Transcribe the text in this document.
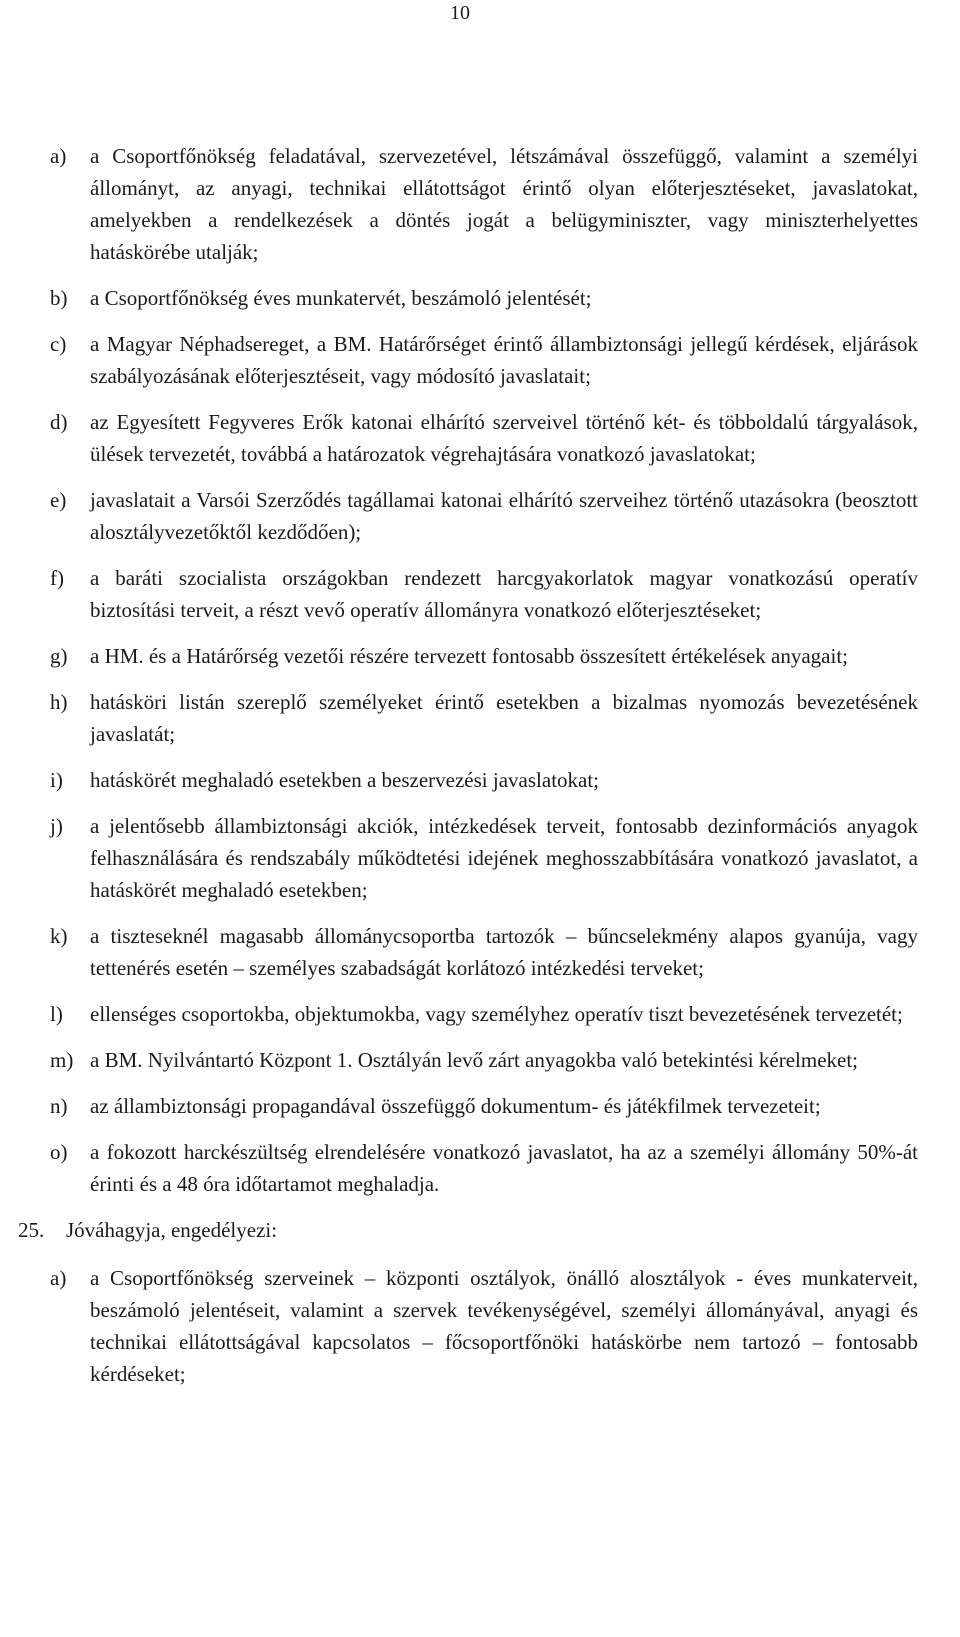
10
a) a Csoportfőnökség feladatával, szervezetével, létszámával összefüggő, valamint a személyi állományt, az anyagi, technikai ellátottságot érintő olyan előterjesztéseket, javaslatokat, amelyekben a rendelkezések a döntés jogát a belügyminiszter, vagy miniszterhelyettes hatáskörébe utalják;
b) a Csoportfőnökség éves munkatervét, beszámoló jelentését;
c) a Magyar Néphadsereget, a BM. Határőrséget érintő állambiztonsági jellegű kérdések, eljárások szabályozásának előterjesztéseit, vagy módosító javaslatait;
d) az Egyesített Fegyveres Erők katonai elhárító szerveivel történő két- és többoldalú tárgyalások, ülések tervezetét, továbbá a határozatok végrehajtására vonatkozó javaslatokat;
e) javaslatait a Varsói Szerződés tagállamai katonai elhárító szerveihez történő utazásokra (beosztott alosztályvezetőktől kezdődően);
f) a baráti szocialista országokban rendezett harcgyakorlatok magyar vonatkozású operatív biztosítási terveit, a részt vevő operatív állományra vonatkozó előterjesztéseket;
g) a HM. és a Határőrség vezetői részére tervezett fontosabb összesített értékelések anyagait;
h) hatásköri listán szereplő személyeket érintő esetekben a bizalmas nyomozás bevezetésének javaslatát;
i) hatáskörét meghaladó esetekben a beszervezési javaslatokat;
j) a jelentősebb állambiztonsági akciók, intézkedések terveit, fontosabb dezinformációs anyagok felhasználására és rendszabály működtetési idejének meghosszabbítására vonatkozó javaslatot, a hatáskörét meghaladó esetekben;
k) a tiszteseknél magasabb állománycsoportba tartozók – bűncselekmény alapos gyanúja, vagy tettenérés esetén – személyes szabadságát korlátozó intézkedési terveket;
l) ellenséges csoportokba, objektumokba, vagy személyhez operatív tiszt bevezetésének tervezetét;
m) a BM. Nyilvántartó Központ 1. Osztályán levő zárt anyagokba való betekintési kérelmeket;
n) az állambiztonsági propagandával összefüggő dokumentum- és játékfilmek tervezeteit;
o) a fokozott harckészültség elrendelésére vonatkozó javaslatot, ha az a személyi állomány 50%-át érinti és a 48 óra időtartamot meghaladja.
25. Jóváhagyja, engedélyezi:
a) a Csoportfőnökség szerveinek – központi osztályok, önálló alosztályok - éves munkaterveit, beszámoló jelentéseit, valamint a szervek tevékenységével, személyi állományával, anyagi és technikai ellátottságával kapcsolatos – főcsoportfőnöki hatáskörbe nem tartozó – fontosabb kérdéseket;
